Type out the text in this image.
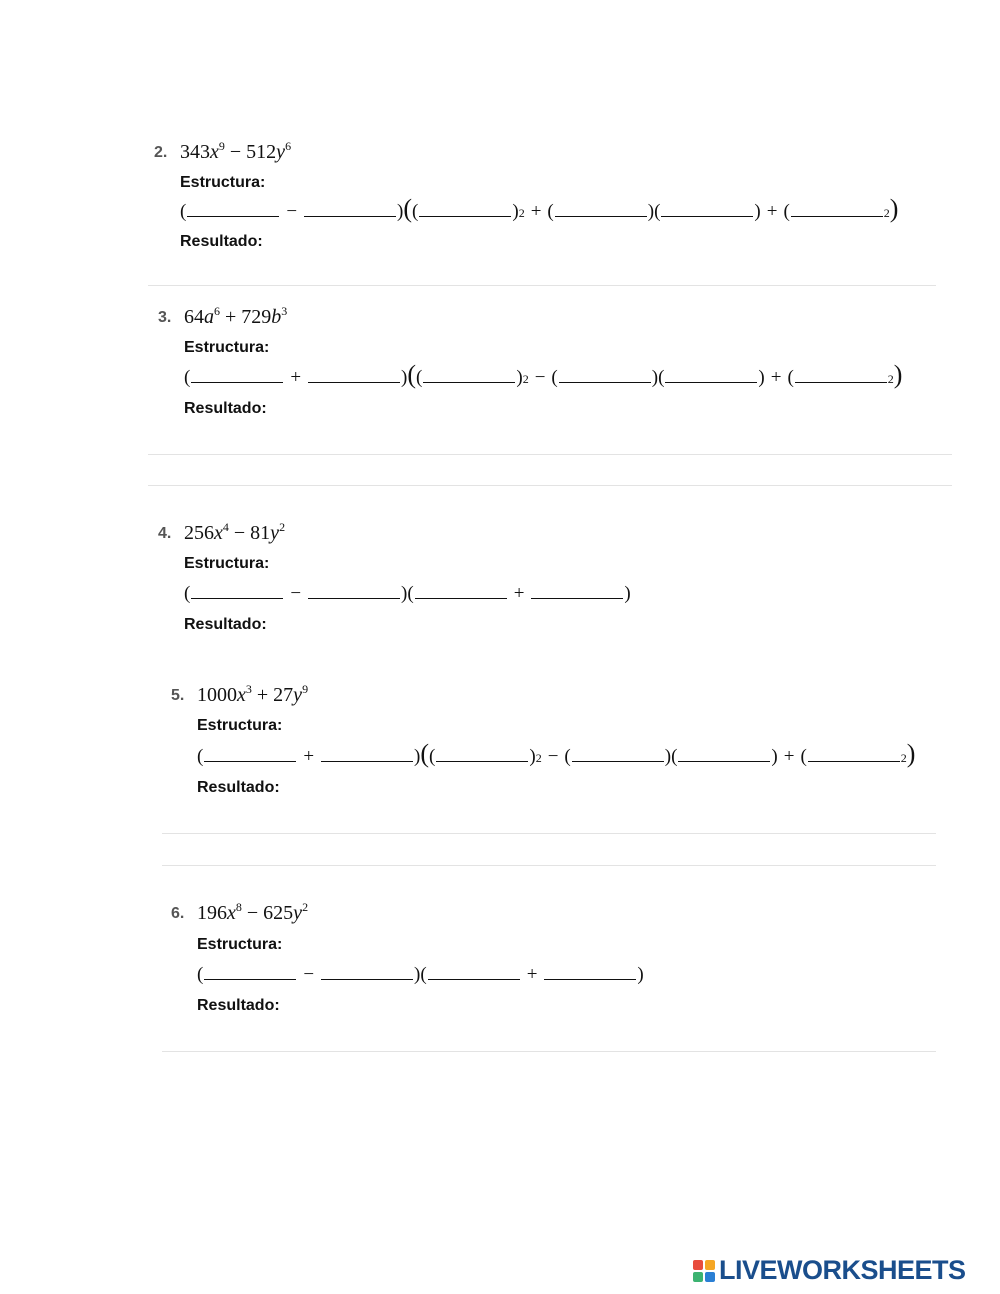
2. $343x^9 - 512y^6$
Estructura:
(	−	) ( (	) 2 + (	)(	) + (	2 )
Resultado:
3. $64a^6 + 729b^3$
Estructura:
(	+	) ( (	) 2 − (	)(	) + (	2 )
Resultado:
4. $256x^4 - 81y^2$
Estructura:
(	−	)(	+	)
Resultado:
5. $1000x^3 + 27y^9$
Estructura:
(	+	) ( (	) 2 − (	)(	) + (	2 )
Resultado:
6. $196x^8 - 625y^2$
Estructura:
(	−	)(	+	)
Resultado:
LIVEWORKSHEETS
